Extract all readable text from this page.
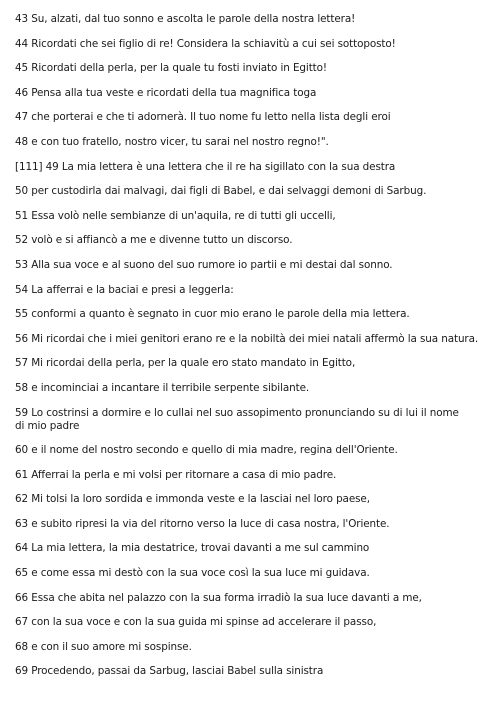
43 Su, alzati, dal tuo sonno e ascolta le parole della nostra lettera!
44 Ricordati che sei figlio di re! Considera la schiavitù a cui sei sottoposto!
45 Ricordati della perla, per la quale tu fosti inviato in Egitto!
46 Pensa alla tua veste e ricordati della tua magnifica toga
47 che porterai e che ti adornerà. Il tuo nome fu letto nella lista degli eroi
48 e con tuo fratello, nostro vicer, tu sarai nel nostro regno!".
[111] 49 La mia lettera è una lettera che il re ha sigillato con la sua destra
50 per custodirla dai malvagi, dai figli di Babel, e dai selvaggi demoni di Sarbug.
51 Essa volò nelle sembianze di un'aquila, re di tutti gli uccelli,
52 volò e si affiancò a me e divenne tutto un discorso.
53 Alla sua voce e al suono del suo rumore io partii e mi destai dal sonno.
54 La afferrai e la baciai e presi a leggerla:
55 conformi a quanto è segnato in cuor mio erano le parole della mia lettera.
56 Mi ricordai che i miei genitori erano re e la nobiltà dei miei natali affermò la sua natura.
57 Mi ricordai della perla, per la quale ero stato mandato in Egitto,
58 e incominciai a incantare il terribile serpente sibilante.
59 Lo costrinsi a dormire e lo cullai nel suo assopimento pronunciando su di lui il nome di mio padre
60 e il nome del nostro secondo e quello di mia madre, regina dell'Oriente.
61 Afferrai la perla e mi volsi per ritornare a casa di mio padre.
62 Mi tolsi la loro sordida e immonda veste e la lasciai nel loro paese,
63 e subito ripresi la via del ritorno verso la luce di casa nostra, l'Oriente.
64 La mia lettera, la mia destatrice, trovai davanti a me sul cammino
65 e come essa mi destò con la sua voce così la sua luce mi guidava.
66 Essa che abita nel palazzo con la sua forma irradiò la sua luce davanti a me,
67 con la sua voce e con la sua guida mi spinse ad accelerare il passo,
68 e con il suo amore mi sospinse.
69 Procedendo, passai da Sarbug, lasciai Babel sulla sinistra
